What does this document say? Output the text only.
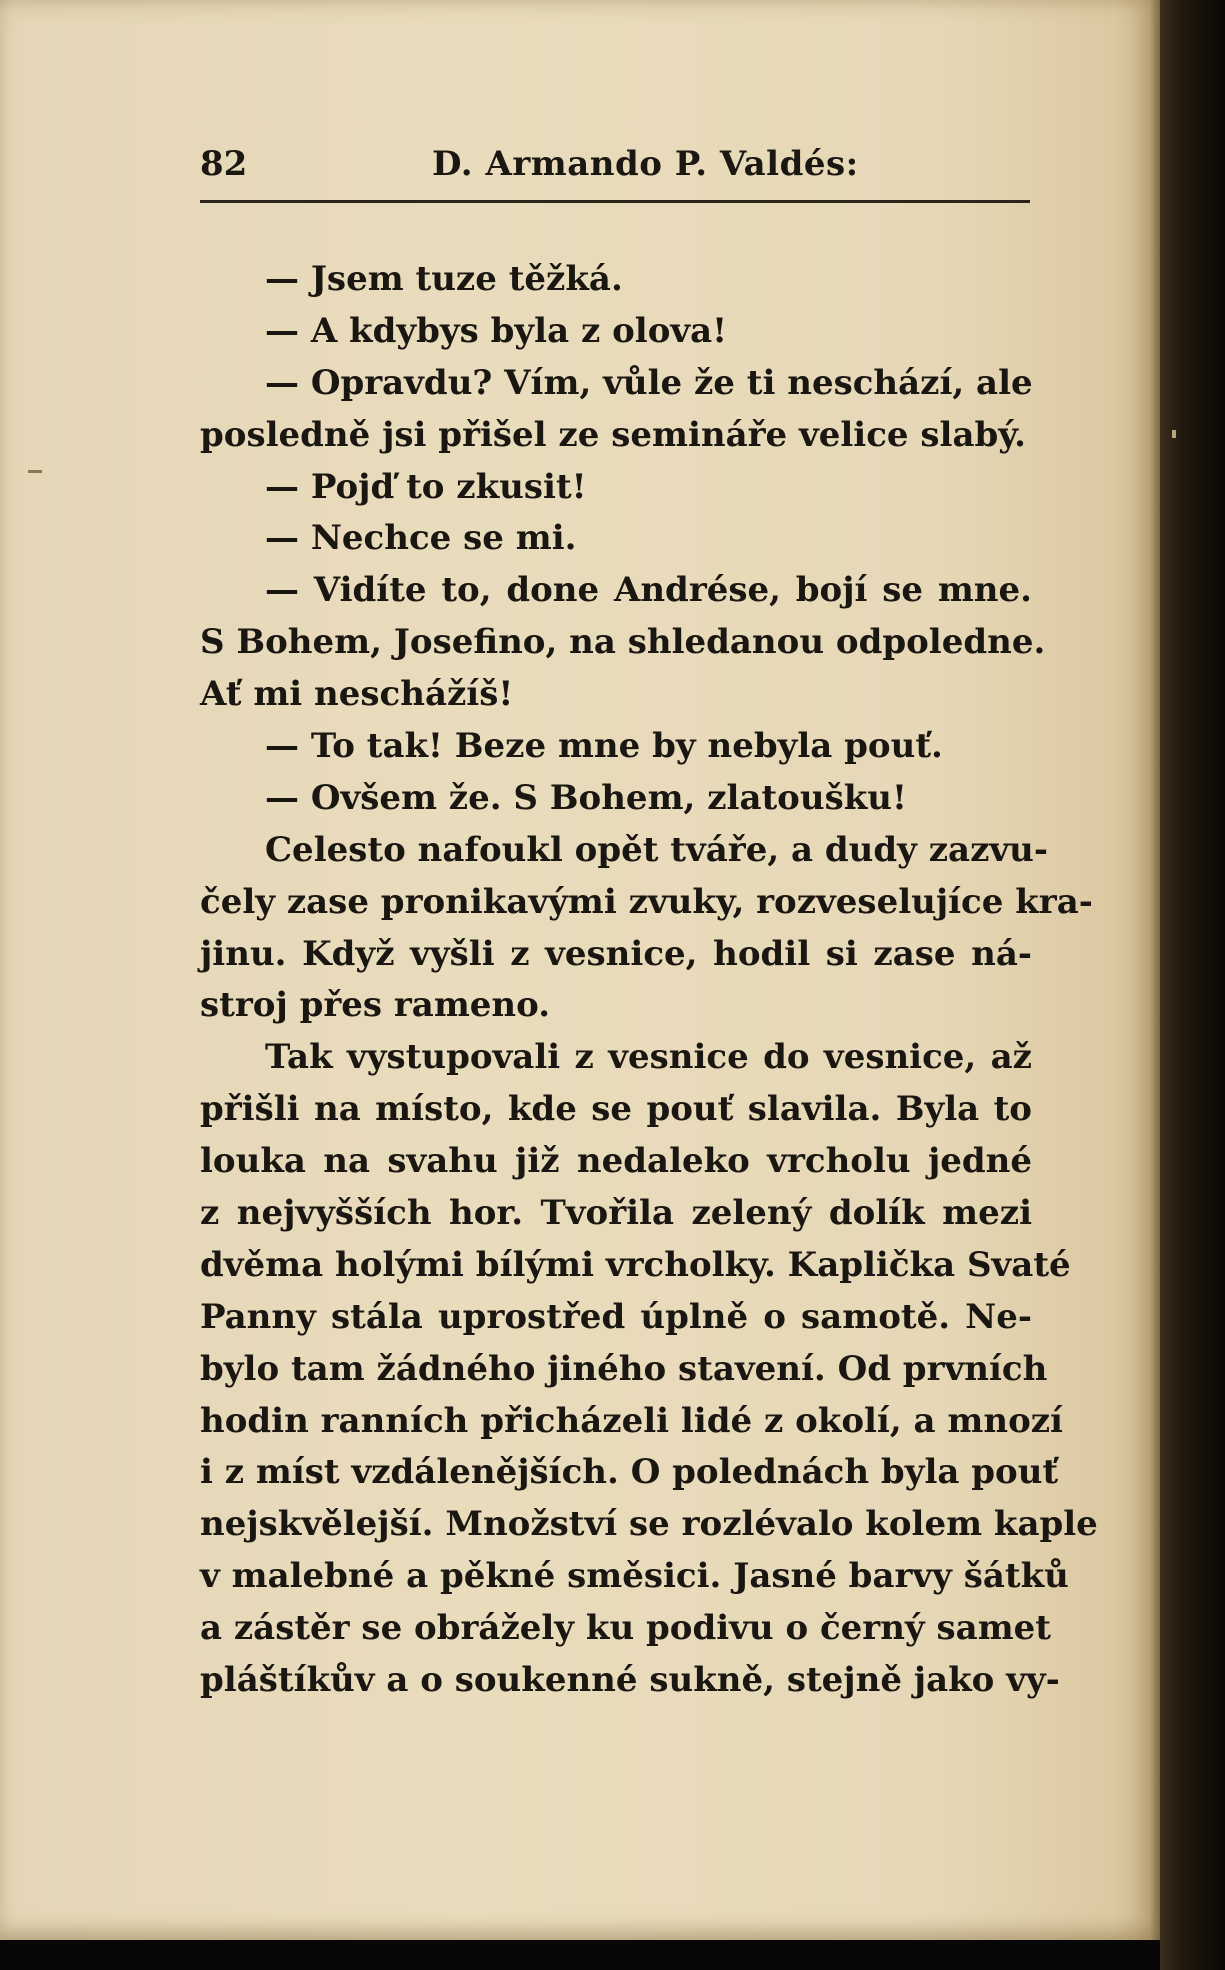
82	D. Armando P. Valdés:
— Jsem tuze těžká.
— A kdybys byla z olova!
— Opravdu? Vím, vůle že ti neschází, ale
posledně jsi přišel ze semináře velice slabý.
— Pojď to zkusit!
— Nechce se mi.
— Vidíte to, done Andrése, bojí se mne.
S Bohem, Josefino, na shledanou odpoledne.
Ať mi neschážíš!
— To tak! Beze mne by nebyla pouť.
— Ovšem že. S Bohem, zlatoušku!
Celesto nafoukl opět tváře, a dudy zazvu-
čely zase pronikavými zvuky, rozveselujíce kra-
jinu. Když vyšli z vesnice, hodil si zase ná-
stroj přes rameno.
Tak vystupovali z vesnice do vesnice, až
přišli na místo, kde se pouť slavila. Byla to
louka na svahu již nedaleko vrcholu jedné
z nejvyšších hor. Tvořila zelený dolík mezi
dvěma holými bílými vrcholky. Kaplička Svaté
Panny stála uprostřed úplně o samotě. Ne-
bylo tam žádného jiného stavení. Od prvních
hodin ranních přicházeli lidé z okolí, a mnozí
i z míst vzdálenějších. O polednách byla pouť
nejskvělejší. Množství se rozlévalo kolem kaple
v malebné a pěkné směsici. Jasné barvy šátků
a zástěr se obrážely ku podivu o černý samet
pláštíkův a o soukenné sukně, stejně jako vy-
